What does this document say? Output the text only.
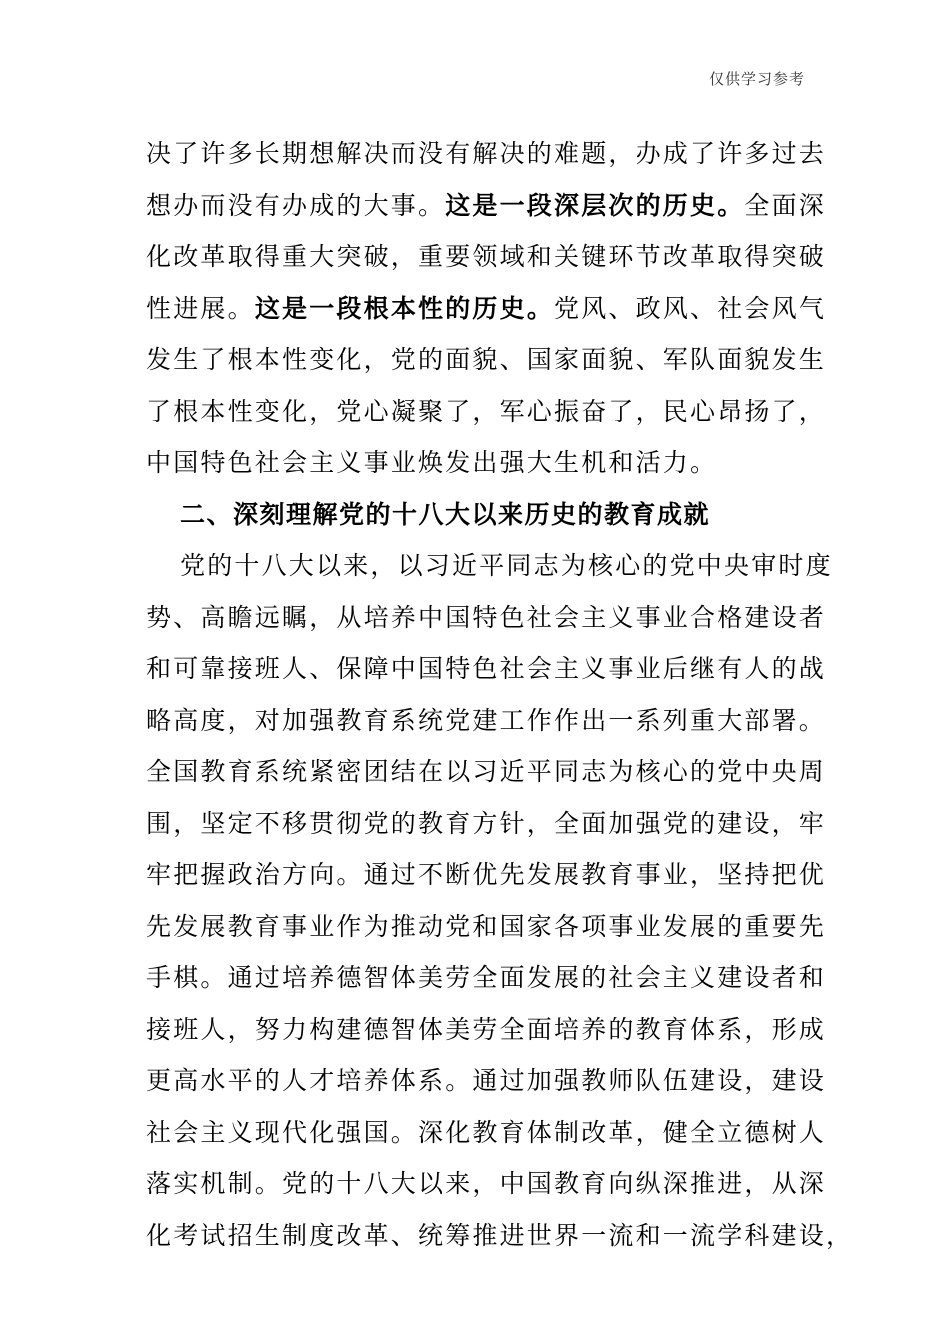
仅供学习参考
决了许多长期想解决而没有解决的难题，办成了许多过去
想办而没有办成的大事。这是一段深层次的历史。全面深
化改革取得重大突破，重要领域和关键环节改革取得突破
性进展。这是一段根本性的历史。党风、政风、社会风气
发生了根本性变化，党的面貌、国家面貌、军队面貌发生
了根本性变化，党心凝聚了，军心振奋了，民心昂扬了，
中国特色社会主义事业焕发出强大生机和活力。
二、深刻理解党的十八大以来历史的教育成就
党的十八大以来，以习近平同志为核心的党中央审时度
势、高瞻远瞩，从培养中国特色社会主义事业合格建设者
和可靠接班人、保障中国特色社会主义事业后继有人的战
略高度，对加强教育系统党建工作作出一系列重大部署。
全国教育系统紧密团结在以习近平同志为核心的党中央周
围，坚定不移贯彻党的教育方针，全面加强党的建设，牢
牢把握政治方向。通过不断优先发展教育事业，坚持把优
先发展教育事业作为推动党和国家各项事业发展的重要先
手棋。通过培养德智体美劳全面发展的社会主义建设者和
接班人，努力构建德智体美劳全面培养的教育体系，形成
更高水平的人才培养体系。通过加强教师队伍建设，建设
社会主义现代化强国。深化教育体制改革，健全立德树人
落实机制。党的十八大以来，中国教育向纵深推进，从深
化考试招生制度改革、统筹推进世界一流和一流学科建设，
